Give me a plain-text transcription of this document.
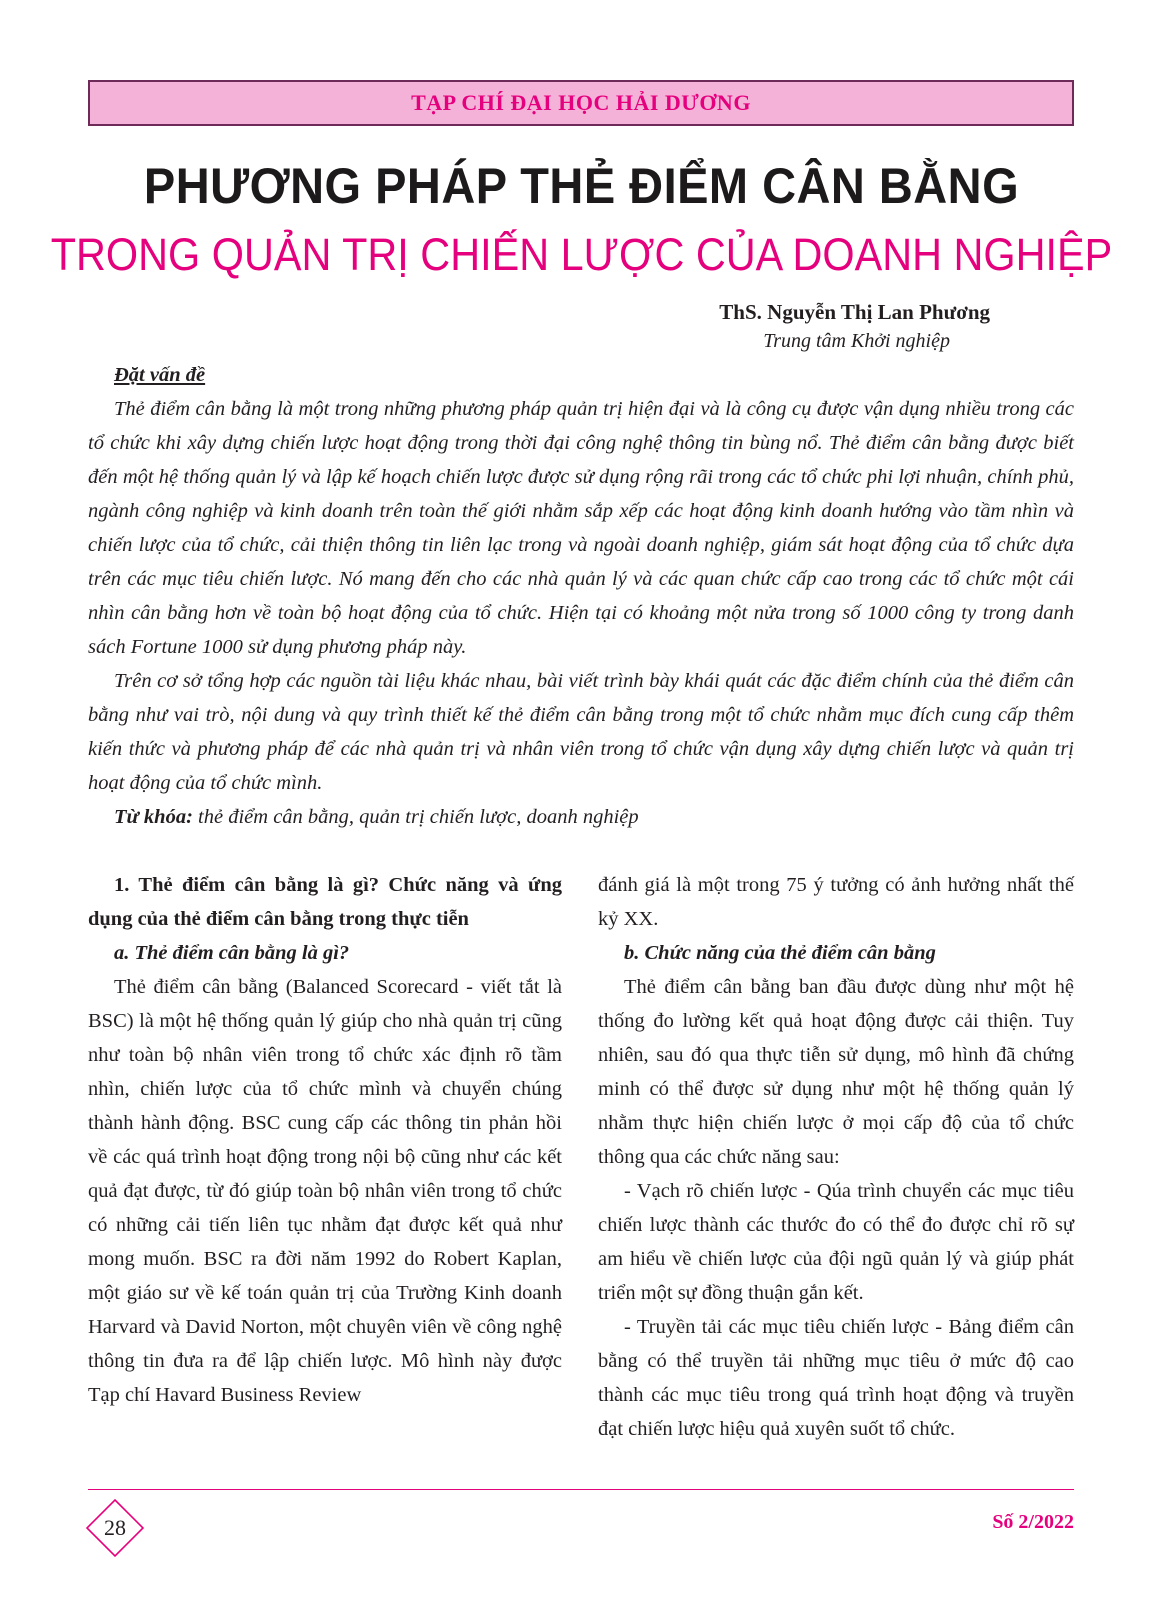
TẠP CHÍ ĐẠI HỌC HẢI DƯƠNG
PHƯƠNG PHÁP THẺ ĐIỂM CÂN BẰNG
TRONG QUẢN TRỊ CHIẾN LƯỢC CỦA DOANH NGHIỆP
ThS. Nguyễn Thị Lan Phương
Trung tâm Khởi nghiệp
Đặt vấn đề

Thẻ điểm cân bằng là một trong những phương pháp quản trị hiện đại và là công cụ được vận dụng nhiều trong các tổ chức khi xây dựng chiến lược hoạt động trong thời đại công nghệ thông tin bùng nổ. Thẻ điểm cân bằng được biết đến một hệ thống quản lý và lập kế hoạch chiến lược được sử dụng rộng rãi trong các tổ chức phi lợi nhuận, chính phủ, ngành công nghiệp và kinh doanh trên toàn thế giới nhằm sắp xếp các hoạt động kinh doanh hướng vào tầm nhìn và chiến lược của tổ chức, cải thiện thông tin liên lạc trong và ngoài doanh nghiệp, giám sát hoạt động của tổ chức dựa trên các mục tiêu chiến lược. Nó mang đến cho các nhà quản lý và các quan chức cấp cao trong các tổ chức một cái nhìn cân bằng hơn về toàn bộ hoạt động của tổ chức. Hiện tại có khoảng một nửa trong số 1000 công ty trong danh sách Fortune 1000 sử dụng phương pháp này.

Trên cơ sở tổng hợp các nguồn tài liệu khác nhau, bài viết trình bày khái quát các đặc điểm chính của thẻ điểm cân bằng như vai trò, nội dung và quy trình thiết kế thẻ điểm cân bằng trong một tổ chức nhằm mục đích cung cấp thêm kiến thức và phương pháp để các nhà quản trị và nhân viên trong tổ chức vận dụng xây dựng chiến lược và quản trị hoạt động của tổ chức mình.

Từ khóa: thẻ điểm cân bằng, quản trị chiến lược, doanh nghiệp

1. Thẻ điểm cân bằng là gì? Chức năng và ứng dụng của thẻ điểm cân bằng trong thực tiễn

a. Thẻ điểm cân bằng là gì?

Thẻ điểm cân bằng (Balanced Scorecard - viết tắt là BSC) là một hệ thống quản lý giúp cho nhà quản trị cũng như toàn bộ nhân viên trong tổ chức xác định rõ tầm nhìn, chiến lược của tổ chức mình và chuyển chúng thành hành động. BSC cung cấp các thông tin phản hồi về các quá trình hoạt động trong nội bộ cũng như các kết quả đạt được, từ đó giúp toàn bộ nhân viên trong tổ chức có những cải tiến liên tục nhằm đạt được kết quả như mong muốn. BSC ra đời năm 1992 do Robert Kaplan, một giáo sư về kế toán quản trị của Trường Kinh doanh Harvard và David Norton, một chuyên viên về công nghệ thông tin đưa ra để lập chiến lược. Mô hình này được Tạp chí Havard Business Review

đánh giá là một trong 75 ý tưởng có ảnh hưởng nhất thế kỷ XX.

b. Chức năng của thẻ điểm cân bằng

Thẻ điểm cân bằng ban đầu được dùng như một hệ thống đo lường kết quả hoạt động được cải thiện. Tuy nhiên, sau đó qua thực tiễn sử dụng, mô hình đã chứng minh có thể được sử dụng như một hệ thống quản lý nhằm thực hiện chiến lược ở mọi cấp độ của tổ chức thông qua các chức năng sau:

- Vạch rõ chiến lược - Qúa trình chuyển các mục tiêu chiến lược thành các thước đo có thể đo được chỉ rõ sự am hiểu về chiến lược của đội ngũ quản lý và giúp phát triển một sự đồng thuận gắn kết.

- Truyền tải các mục tiêu chiến lược - Bảng điểm cân bằng có thể truyền tải những mục tiêu ở mức độ cao thành các mục tiêu trong quá trình hoạt động và truyền đạt chiến lược hiệu quả xuyên suốt tổ chức.

28	Số 2/2022
